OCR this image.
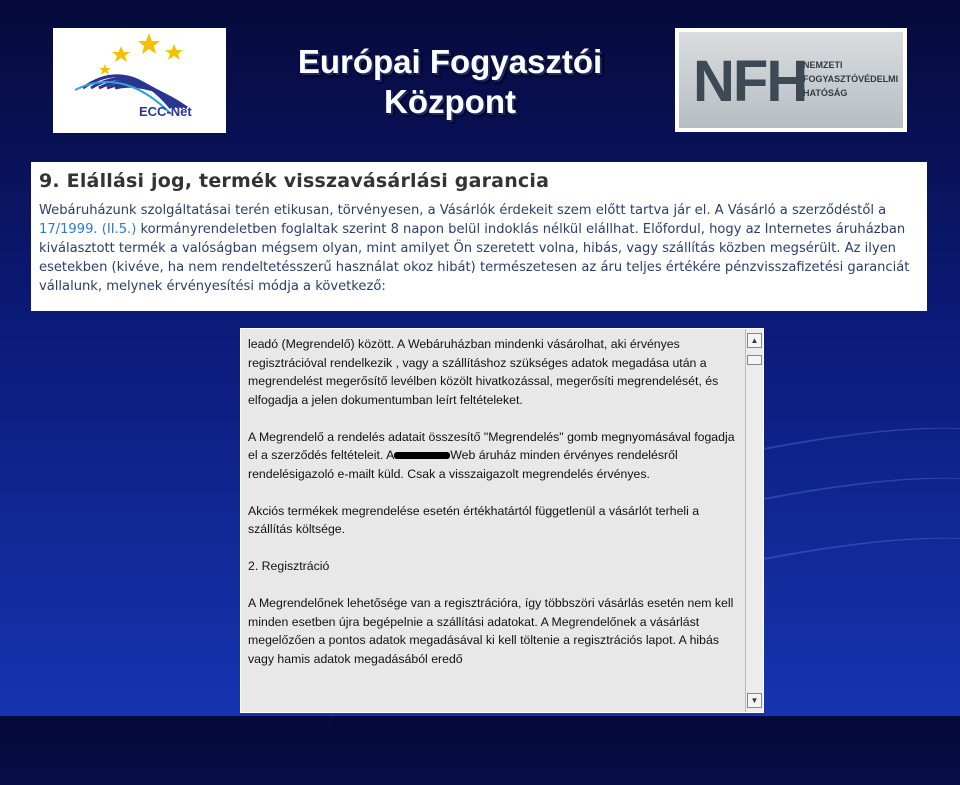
ECC-Net
Európai Fogyasztói
Központ	NFH
NEMZETI
FOGYASZTÓVÉDELMI
HATÓSÁG
9. Elállási jog, termék visszavásárlási garancia

Webáruházunk szolgáltatásai terén etikusan, törvényesen, a Vásárlók érdekeit szem előtt tartva jár el. A Vásárló a szerződéstől a 17/1999. (II.5.) kormányrendeletben foglaltak szerint 8 napon belül indoklás nélkül elállhat. Előfordul, hogy az Internetes áruházban kiválasztott termék a valóságban mégsem olyan, mint amilyet Ön szeretett volna, hibás, vagy szállítás közben megsérült. Az ilyen esetekben (kivéve, ha nem rendeltetésszerű használat okoz hibát) természetesen az áru teljes értékére pénzvisszafizetési garanciát vállalunk, melynek érvényesítési módja a következő:

leadó (Megrendelő) között. A Webáruházban mindenki vásárolhat, aki érvényes regisztrációval rendelkezik , vagy a szállításhoz szükséges adatok megadása után a megrendelést megerősítő levélben közölt hivatkozással, megerősíti megrendelését, és elfogadja a jelen dokumentumban leírt feltételeket.

A Megrendelő a rendelés adatait összesítő "Megrendelés" gomb megnyomásával fogadja el a szerződés feltételeit. A	Web áruház minden érvényes rendelésről rendelésigazoló e-mailt küld. Csak a visszaigazolt megrendelés érvényes.

Akciós termékek megrendelése esetén értékhatártól függetlenül a vásárlót terheli a szállítás költsége.

2. Regisztráció

A Megrendelőnek lehetősége van a regisztrációra, így többszöri vásárlás esetén nem kell minden esetben újra begépelnie a szállítási adatokat. A Megrendelőnek a vásárlást megelőzően a pontos adatok megadásával ki kell töltenie a regisztrációs lapot. A hibás vagy hamis adatok megadásából eredő

▲
▼
